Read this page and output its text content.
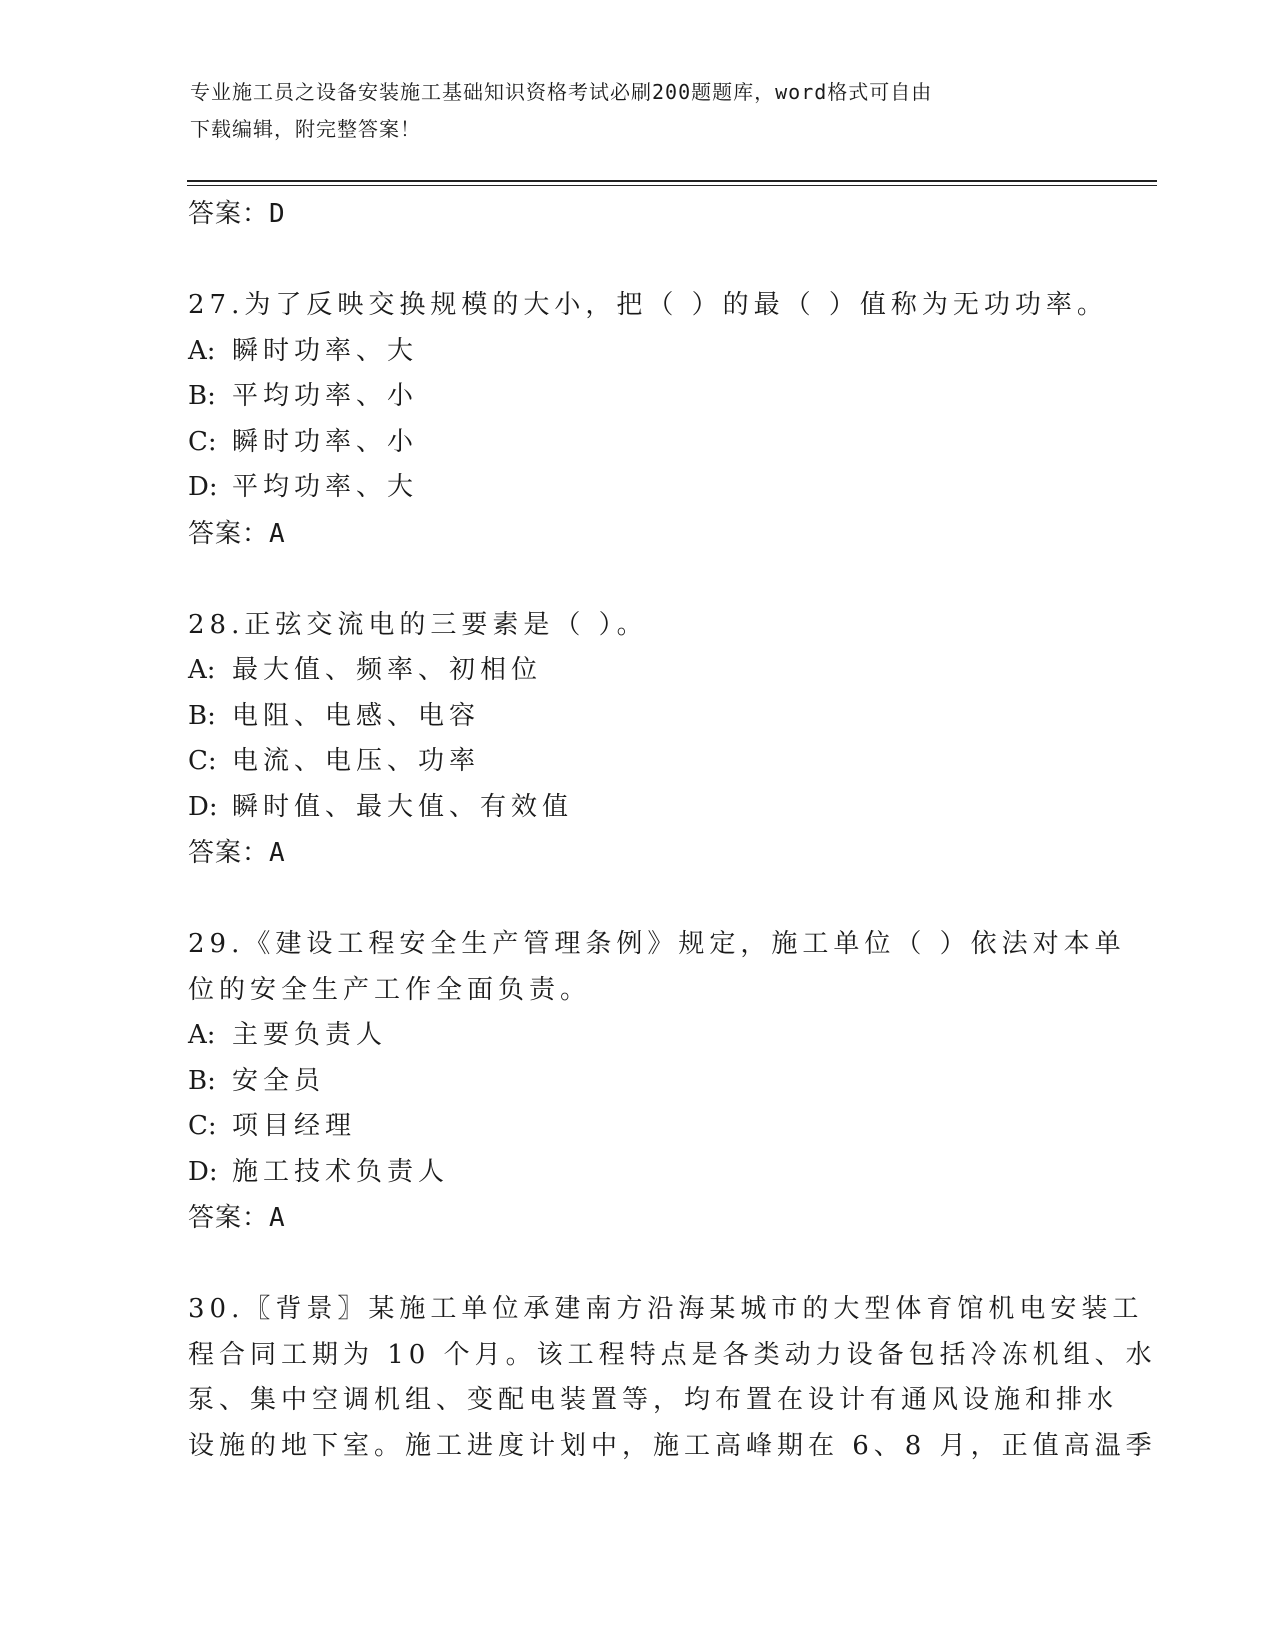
专业施工员之设备安装施工基础知识资格考试必刷200题题库，word格式可自由
下载编辑，附完整答案！
答案：D
27.为了反映交换规模的大小，把（ ）的最（ ）值称为无功功率。
A: 瞬时功率、大
B: 平均功率、小
C: 瞬时功率、小
D: 平均功率、大
答案：A
28.正弦交流电的三要素是（ ）。
A: 最大值、频率、初相位
B: 电阻、电感、电容
C: 电流、电压、功率
D: 瞬时值、最大值、有效值
答案：A
29.《建设工程安全生产管理条例》规定，施工单位（ ）依法对本单
位的安全生产工作全面负责。
A: 主要负责人
B: 安全员
C: 项目经理
D: 施工技术负责人
答案：A
30.〖背景〗某施工单位承建南方沿海某城市的大型体育馆机电安装工
程合同工期为 10 个月。该工程特点是各类动力设备包括冷冻机组、水
泵、集中空调机组、变配电装置等，均布置在设计有通风设施和排水
设施的地下室。施工进度计划中，施工高峰期在 6、8 月，正值高温季
